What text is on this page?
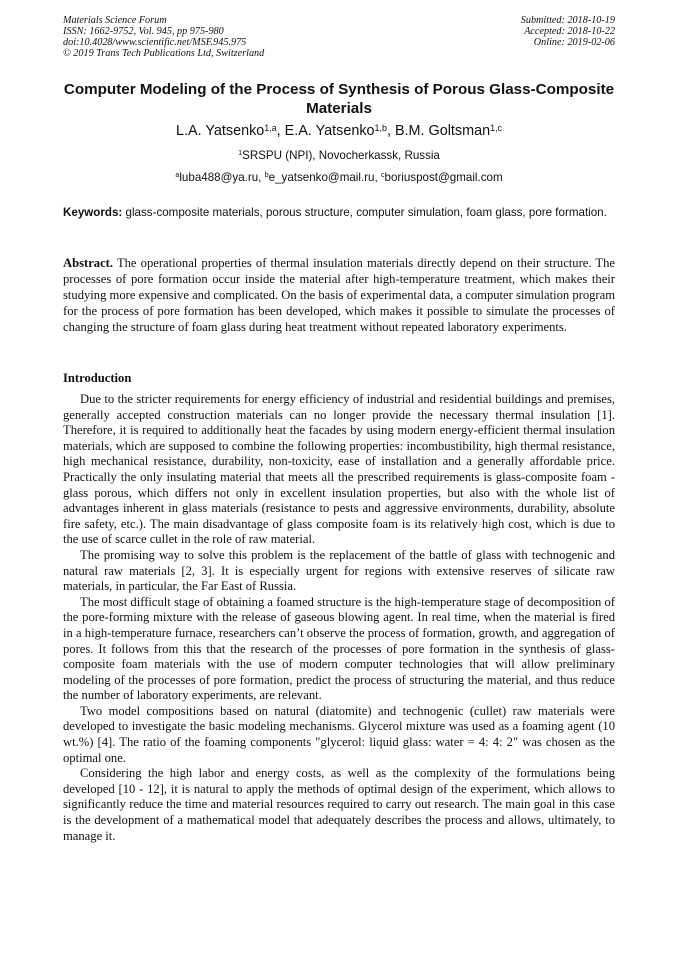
Materials Science Forum
ISSN: 1662-9752, Vol. 945, pp 975-980
doi:10.4028/www.scientific.net/MSF.945.975
© 2019 Trans Tech Publications Ltd, Switzerland
Submitted: 2018-10-19
Accepted: 2018-10-22
Online: 2019-02-06
Computer Modeling of the Process of Synthesis of Porous Glass-Composite Materials
L.A. Yatsenko$^{1,a}$, E.A. Yatsenko$^{1,b}$, B.M. Goltsman$^{1,c}$
$^1$SRSPU (NPI), Novocherkassk, Russia
$^a$luba488@ya.ru, $^b$e_yatsenko@mail.ru, $^c$boriuspost@gmail.com
Keywords: glass-composite materials, porous structure, computer simulation, foam glass, pore formation.
Abstract. The operational properties of thermal insulation materials directly depend on their structure. The processes of pore formation occur inside the material after high-temperature treatment, which makes their studying more expensive and complicated. On the basis of experimental data, a computer simulation program for the process of pore formation has been developed, which makes it possible to simulate the processes of changing the structure of foam glass during heat treatment without repeated laboratory experiments.
Introduction

Due to the stricter requirements for energy efficiency of industrial and residential buildings and premises, generally accepted construction materials can no longer provide the necessary thermal insulation [1]. Therefore, it is required to additionally heat the facades by using modern energy-efficient thermal insulation materials, which are supposed to combine the following properties: incombustibility, high thermal resistance, high mechanical resistance, durability, non-toxicity, ease of installation and a generally affordable price. Practically the only insulating material that meets all the prescribed requirements is glass-composite foam - glass porous, which differs not only in excellent insulation properties, but also with the whole list of advantages inherent in glass materials (resistance to pests and aggressive environments, durability, absolute fire safety, etc.). The main disadvantage of glass composite foam is its relatively high cost, which is due to the use of scarce cullet in the role of raw material.

The promising way to solve this problem is the replacement of the battle of glass with technogenic and natural raw materials [2, 3]. It is especially urgent for regions with extensive reserves of silicate raw materials, in particular, the Far East of Russia.

The most difficult stage of obtaining a foamed structure is the high-temperature stage of decomposition of the pore-forming mixture with the release of gaseous blowing agent. In real time, when the material is fired in a high-temperature furnace, researchers can’t observe the process of formation, growth, and aggregation of pores. It follows from this that the research of the processes of pore formation in the synthesis of glass-composite foam materials with the use of modern computer technologies that will allow preliminary modeling of the processes of pore formation, predict the process of structuring the material, and thus reduce the number of laboratory experiments, are relevant.

Two model compositions based on natural (diatomite) and technogenic (cullet) raw materials were developed to investigate the basic modeling mechanisms. Glycerol mixture was used as a foaming agent (10 wt.%) [4]. The ratio of the foaming components "glycerol: liquid glass: water = 4: 4: 2" was chosen as the optimal one.

Considering the high labor and energy costs, as well as the complexity of the formulations being developed [10 - 12], it is natural to apply the methods of optimal design of the experiment, which allows to significantly reduce the time and material resources required to carry out research. The main goal in this case is the development of a mathematical model that adequately describes the process and allows, ultimately, to manage it.
